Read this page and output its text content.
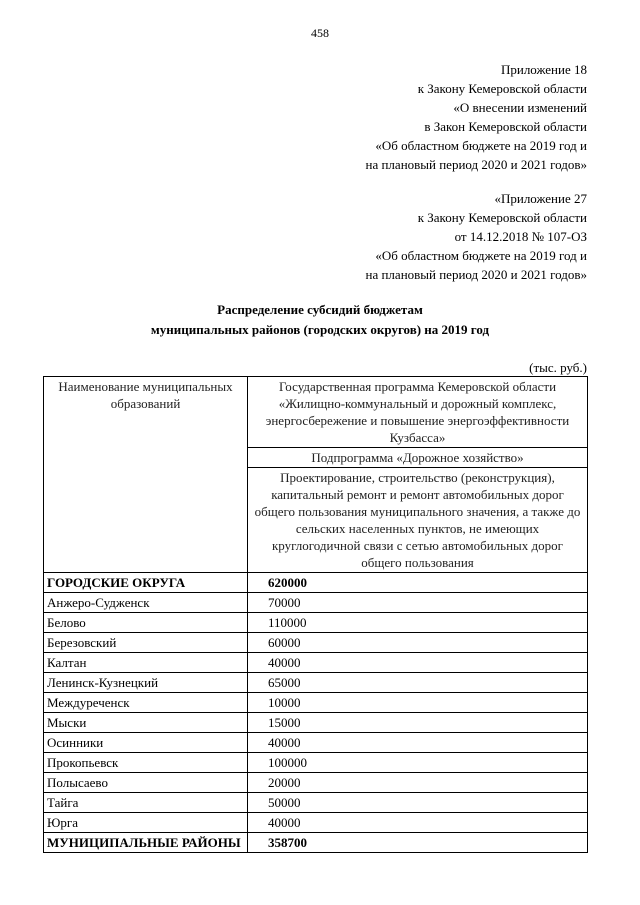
458
Приложение 18
к Закону Кемеровской области
«О внесении изменений
в Закон Кемеровской области
«Об областном бюджете на 2019 год и
на плановый период 2020 и 2021 годов»
«Приложение 27
к Закону Кемеровской области
от 14.12.2018 № 107-ОЗ
«Об областном бюджете на 2019 год и
на плановый период 2020 и 2021 годов»
Распределение субсидий бюджетам
муниципальных районов (городских округов) на 2019 год
(тыс. руб.)
Наименование муниципальных образований	Государственная программа Кемеровской области «Жилищно-коммунальный и дорожный комплекс, энергосбережение и повышение энергоэффективности Кузбасса»
	Подпрограмма «Дорожное хозяйство»
	Проектирование, строительство (реконструкция), капитальный ремонт и ремонт автомобильных дорог общего пользования муниципального значения, а также до сельских населенных пунктов, не имеющих круглогодичной связи с сетью автомобильных дорог общего пользования
ГОРОДСКИЕ ОКРУГА	620000
Анжеро-Судженск	70000
Белово	110000
Березовский	60000
Калтан	40000
Ленинск-Кузнецкий	65000
Междуреченск	10000
Мыски	15000
Осинники	40000
Прокопьевск	100000
Полысаево	20000
Тайга	50000
Юрга	40000
МУНИЦИПАЛЬНЫЕ РАЙОНЫ	358700
